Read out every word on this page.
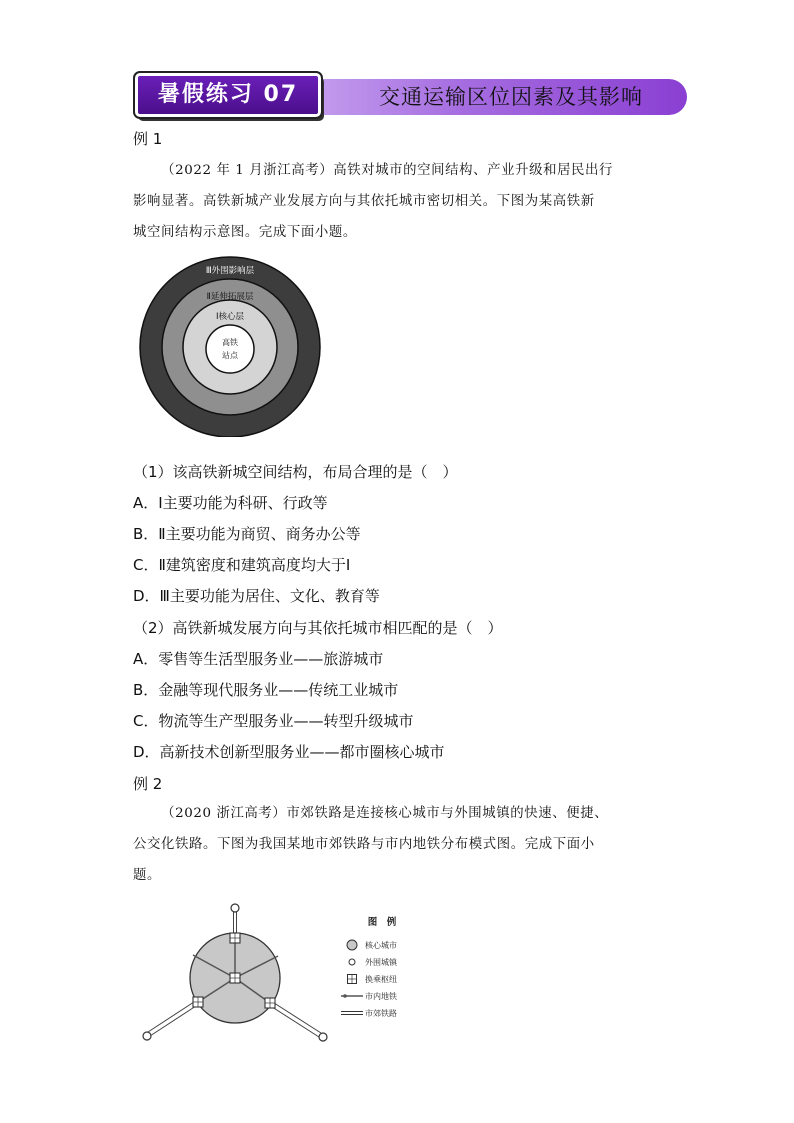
暑假练习 07	交通运输区位因素及其影响
例 1
（2022 年 1 月浙江高考）高铁对城市的空间结构、产业升级和居民出行
影响显著。高铁新城产业发展方向与其依托城市密切相关。下图为某高铁新
城空间结构示意图。完成下面小题。
Ⅲ外围影响层
Ⅱ延伸拓展层
Ⅰ核心层
高铁
站点
（1）该高铁新城空间结构，布局合理的是（　）
A．Ⅰ主要功能为科研、行政等
B．Ⅱ主要功能为商贸、商务办公等
C．Ⅱ建筑密度和建筑高度均大于Ⅰ
D．Ⅲ主要功能为居住、文化、教育等
（2）高铁新城发展方向与其依托城市相匹配的是（　）
A．零售等生活型服务业——旅游城市
B．金融等现代服务业——传统工业城市
C．物流等生产型服务业——转型升级城市
D．高新技术创新型服务业——都市圈核心城市
例 2
（2020 浙江高考）市郊铁路是连接核心城市与外围城镇的快速、便捷、
公交化铁路。下图为我国某地市郊铁路与市内地铁分布模式图。完成下面小
题。
图　例
核心城市
外围城镇
换乘枢纽
市内地铁
市郊铁路
